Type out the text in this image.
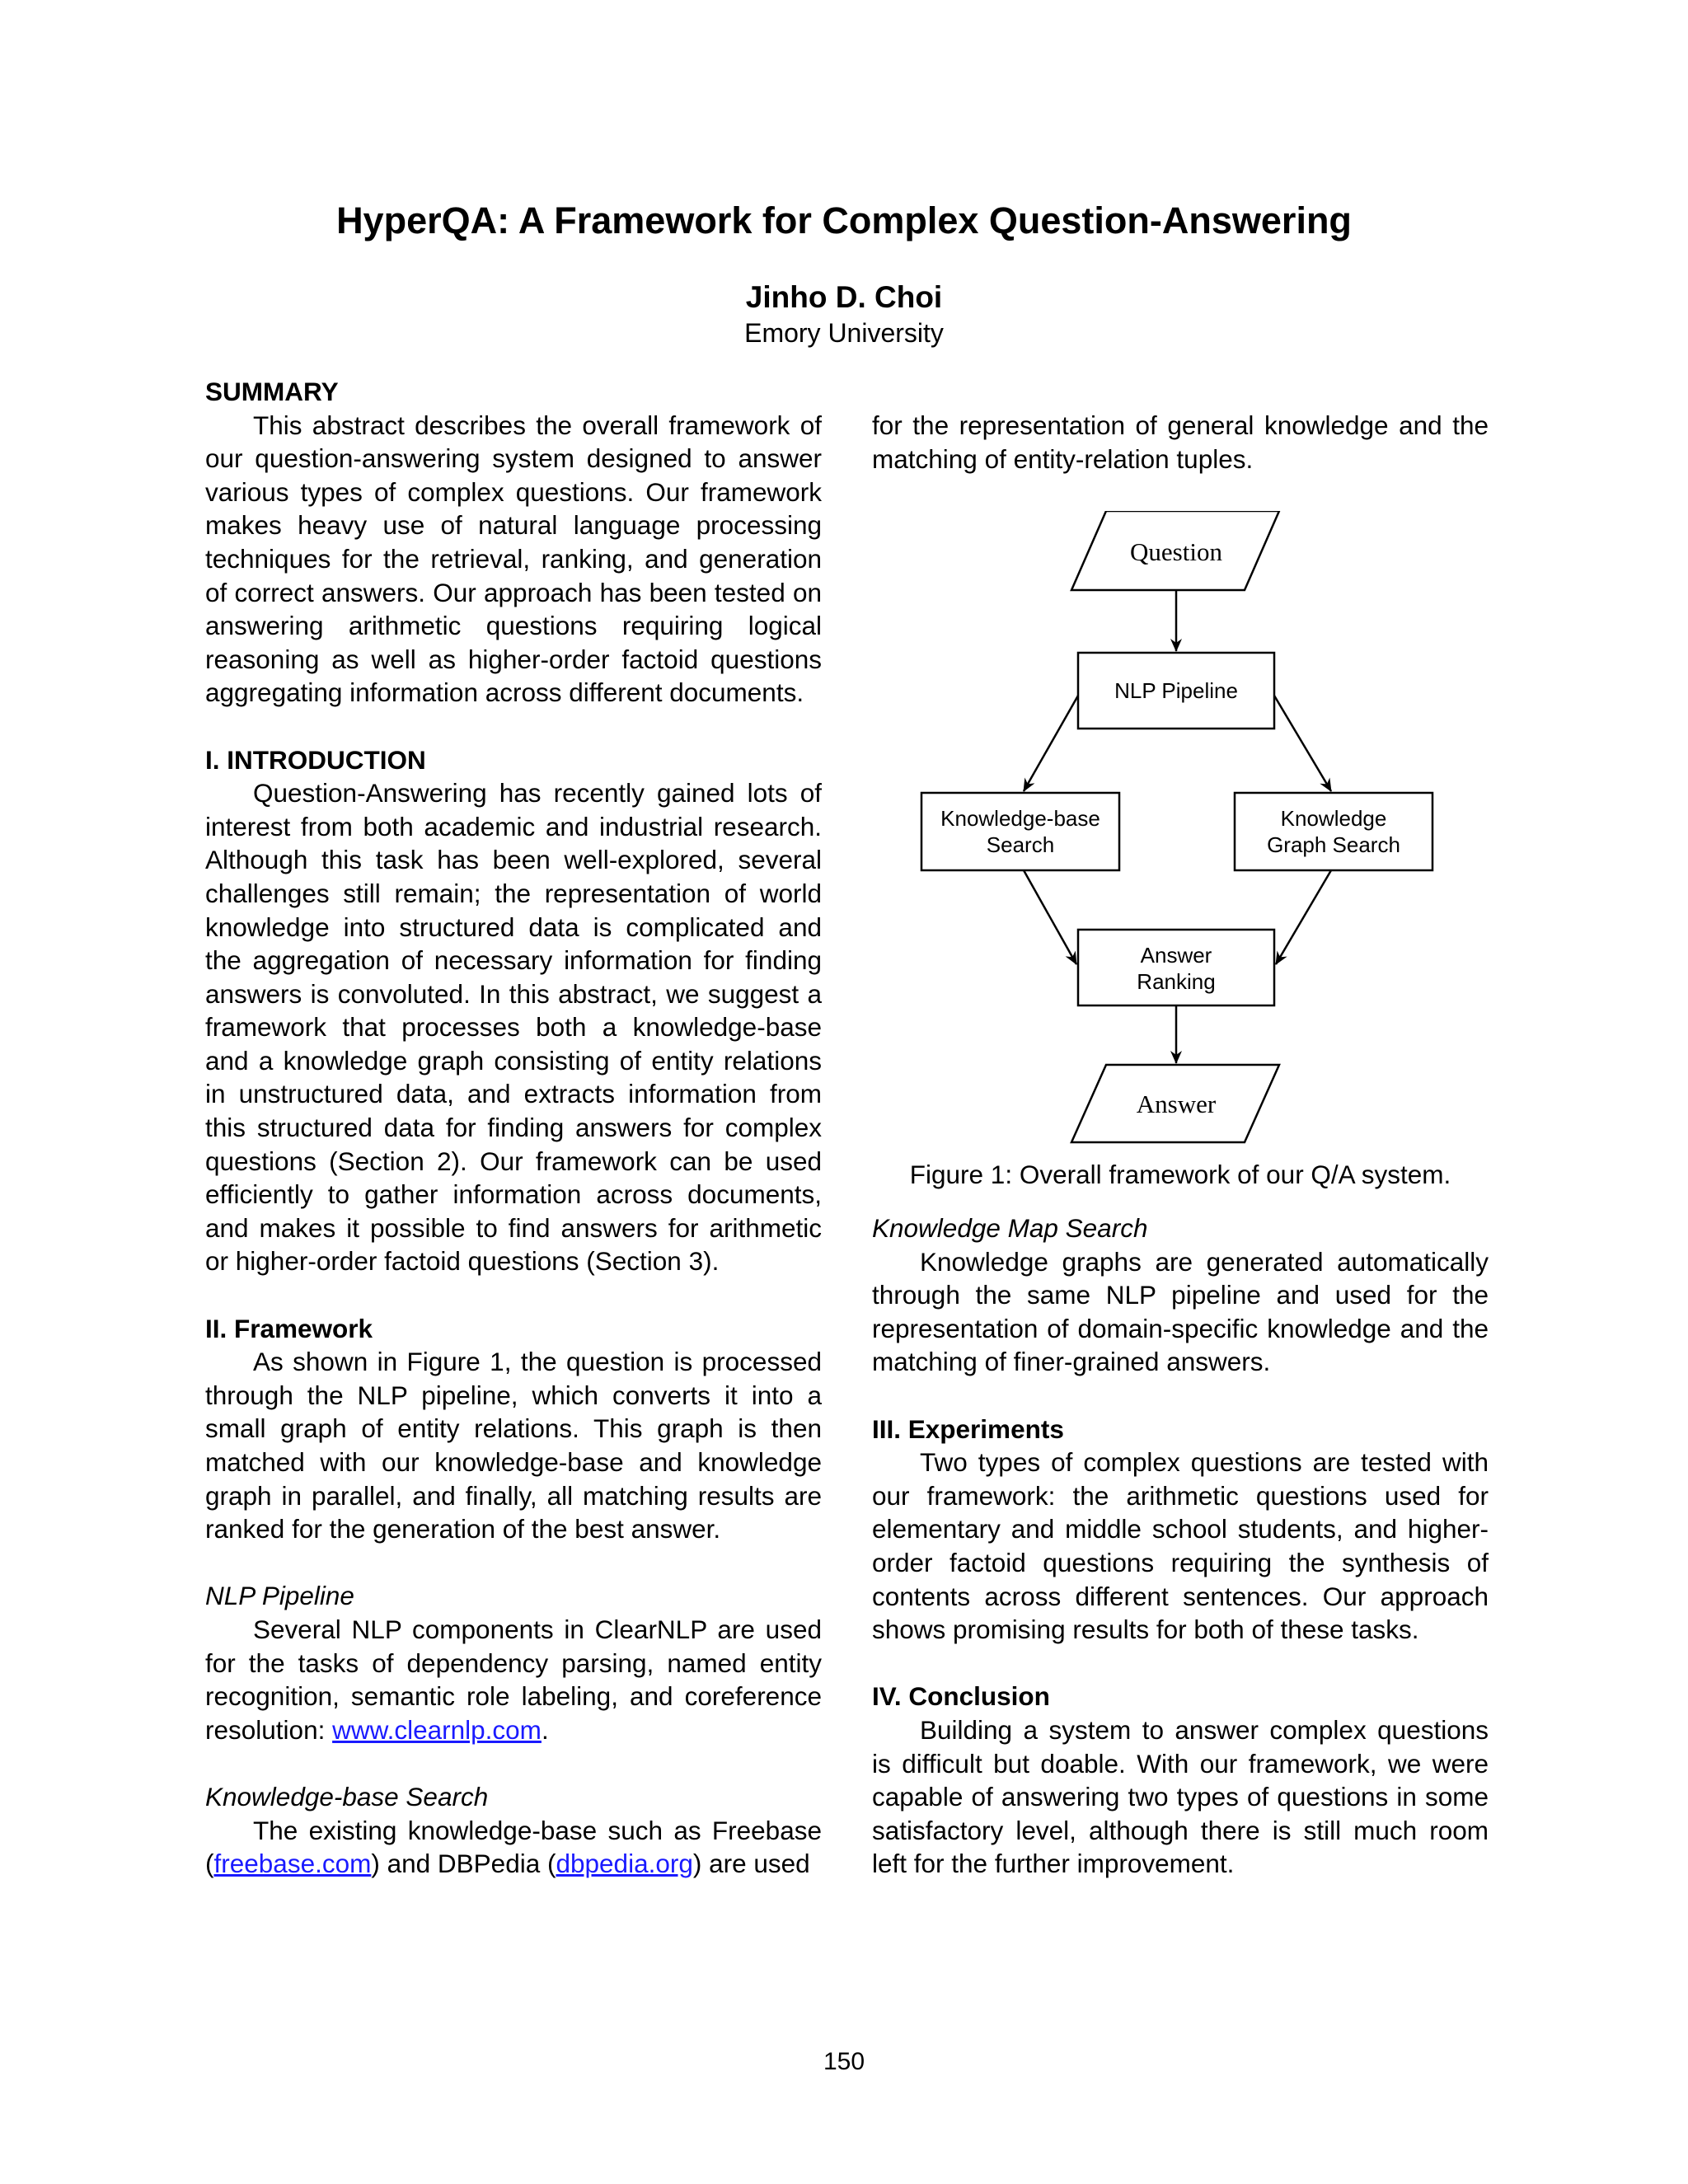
HyperQA: A Framework for Complex Question-Answering
Jinho D. Choi
Emory University
SUMMARY

This abstract describes the overall framework of our question-answering system designed to answer various types of complex questions. Our framework makes heavy use of natural language processing techniques for the retrieval, ranking, and generation of correct answers. Our approach has been tested on answering arithmetic questions requiring logical reasoning as well as higher-order factoid questions aggregating information across different documents.

I. INTRODUCTION

Question-Answering has recently gained lots of interest from both academic and industrial research. Although this task has been well-explored, several challenges still remain; the representation of world knowledge into structured data is complicated and the aggregation of necessary information for finding answers is convoluted. In this abstract, we suggest a framework that processes both a knowledge-base and a knowledge graph consisting of entity relations in unstructured data, and extracts information from this structured data for finding answers for complex questions (Section 2). Our framework can be used efficiently to gather information across documents, and makes it possible to find answers for arithmetic or higher-order factoid questions (Section 3).

II. Framework

As shown in Figure 1, the question is processed through the NLP pipeline, which converts it into a small graph of entity relations. This graph is then matched with our knowledge-base and knowledge graph in parallel, and finally, all matching results are ranked for the generation of the best answer.

NLP Pipeline

Several NLP components in ClearNLP are used for the tasks of dependency parsing, named entity recognition, semantic role labeling, and coreference resolution: www.clearnlp.com.

Knowledge-base Search

The existing knowledge-base such as Freebase (freebase.com) and DBPedia (dbpedia.org) are used

for the representation of general knowledge and the matching of entity-relation tuples.

Question
NLP Pipeline
Knowledge-base
Search
Knowledge
Graph Search
Answer
Ranking
Answer
Figure 1: Overall framework of our Q/A system.
Knowledge Map Search

Knowledge graphs are generated automatically through the same NLP pipeline and used for the representation of domain-specific knowledge and the matching of finer-grained answers.

III. Experiments

Two types of complex questions are tested with our framework: the arithmetic questions used for elementary and middle school students, and higher-order factoid questions requiring the synthesis of contents across different sentences. Our approach shows promising results for both of these tasks.

IV. Conclusion

Building a system to answer complex questions is difficult but doable. With our framework, we were capable of answering two types of questions in some satisfactory level, although there is still much room left for the further improvement.

150
